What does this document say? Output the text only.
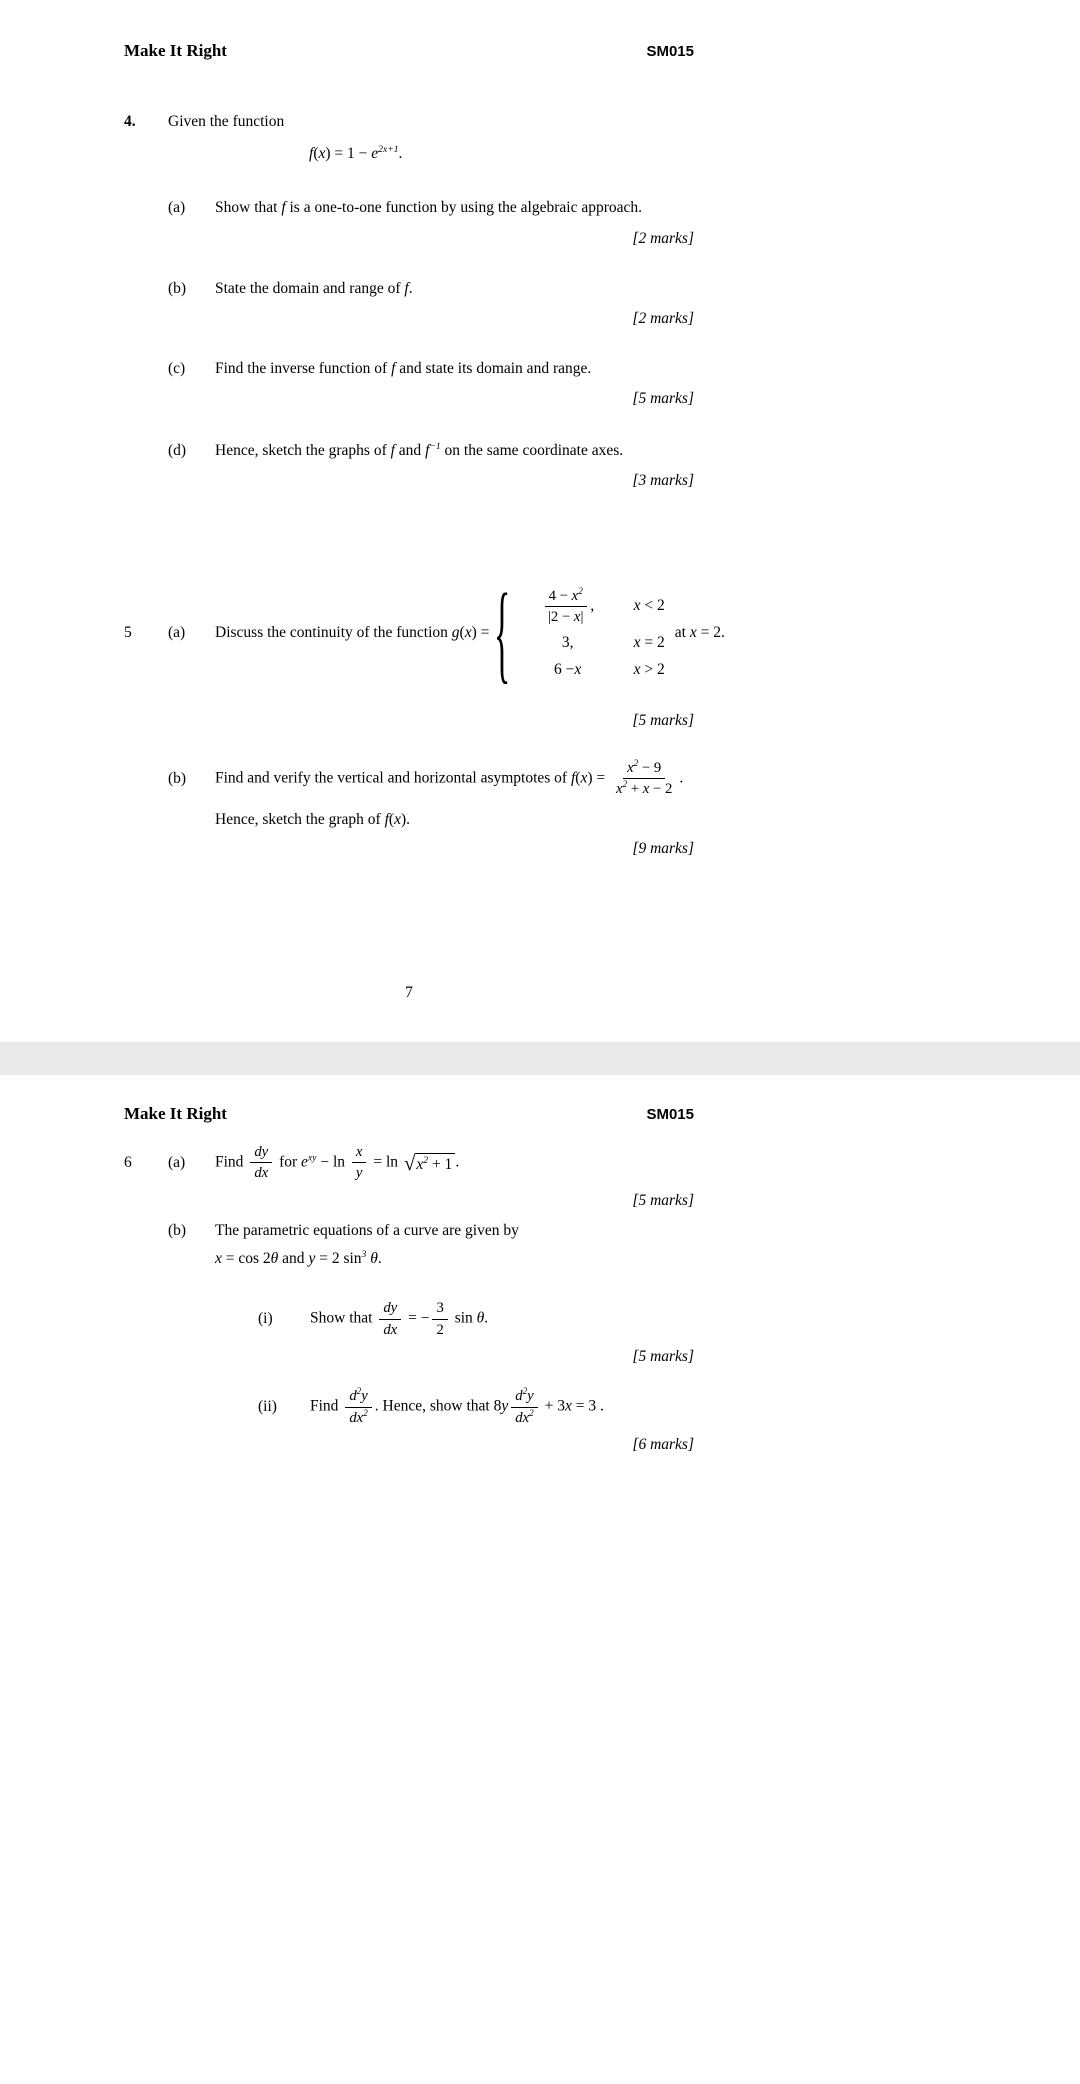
Make It Right	SM015
4.	Given the function
$f(x) = 1 - e^{2x+1}$.
(a)	Show that f is a one-to-one function by using the algebraic approach.
[2 marks]
(b)	State the domain and range of f.
[2 marks]
(c)	Find the inverse function of f and state its domain and range.
[5 marks]
(d)	Hence, sketch the graphs of f and $f^{-1}$ on the same coordinate axes.
[3 marks]
5	(a)	Discuss the continuity of the function g(x) = { $\frac{4 - x^2}{|2 - x|}$ ,	x < 2
3,	x = 2
6 − x	x > 2
at x = 2.
[5 marks]
(b)	Find and verify the vertical and horizontal asymptotes of $f(x) = \frac{x^2 - 9}{x^2 + x - 2}$ .
Hence, sketch the graph of f(x).
[9 marks]
7
Make It Right	SM015
6	(a)	Find $\frac{dy}{dx}$ for $e^{xy} - \ln \frac{x}{y} = \ln$ √ $x^2 + 1$ .
[5 marks]
(b)	The parametric equations of a curve are given by
x = cos 2θ and y = 2 $\sin^3 \theta$.
(i)	Show that $\frac{dy}{dx}$ = − $\frac{3}{2}$ sin θ.
[5 marks]
(ii)	Find $\frac{d^2y}{dx^2}$ . Hence, show that $8y \frac{d^2y}{dx^2} + 3x = 3$ .
[6 marks]
